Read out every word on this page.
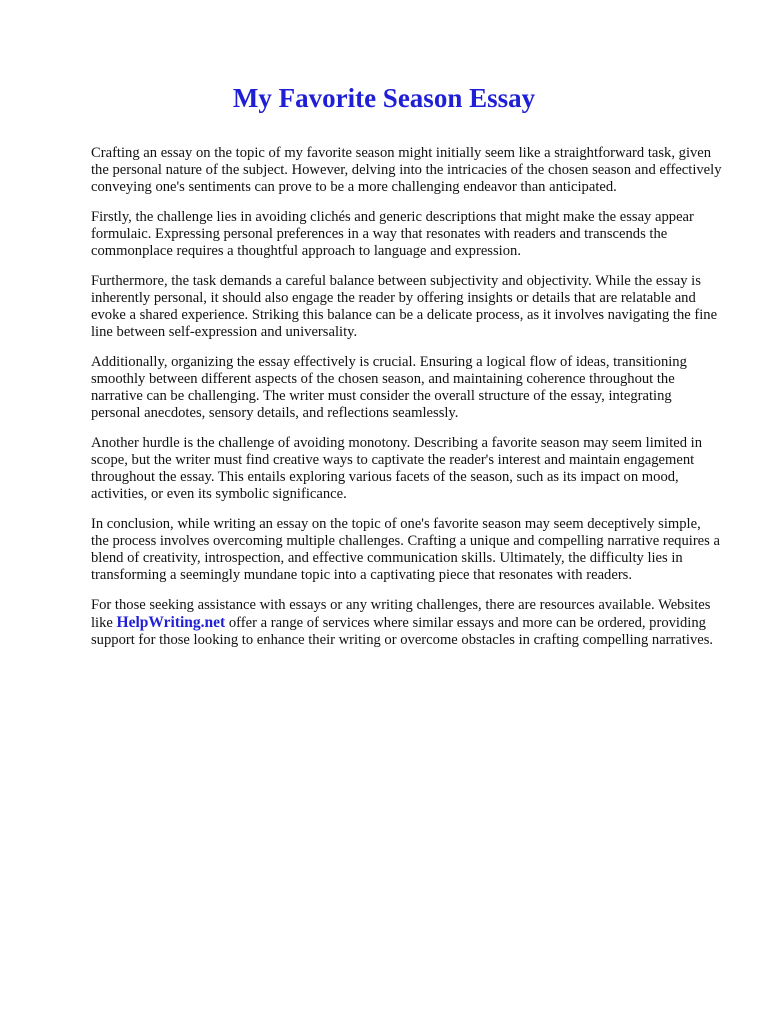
My Favorite Season Essay

Crafting an essay on the topic of my favorite season might initially seem like a straightforward task, given the personal nature of the subject. However, delving into the intricacies of the chosen season and effectively conveying one's sentiments can prove to be a more challenging endeavor than anticipated.

Firstly, the challenge lies in avoiding clichés and generic descriptions that might make the essay appear formulaic. Expressing personal preferences in a way that resonates with readers and transcends the commonplace requires a thoughtful approach to language and expression.

Furthermore, the task demands a careful balance between subjectivity and objectivity. While the essay is inherently personal, it should also engage the reader by offering insights or details that are relatable and evoke a shared experience. Striking this balance can be a delicate process, as it involves navigating the fine line between self-expression and universality.

Additionally, organizing the essay effectively is crucial. Ensuring a logical flow of ideas, transitioning smoothly between different aspects of the chosen season, and maintaining coherence throughout the narrative can be challenging. The writer must consider the overall structure of the essay, integrating personal anecdotes, sensory details, and reflections seamlessly.

Another hurdle is the challenge of avoiding monotony. Describing a favorite season may seem limited in scope, but the writer must find creative ways to captivate the reader's interest and maintain engagement throughout the essay. This entails exploring various facets of the season, such as its impact on mood, activities, or even its symbolic significance.

In conclusion, while writing an essay on the topic of one's favorite season may seem deceptively simple, the process involves overcoming multiple challenges. Crafting a unique and compelling narrative requires a blend of creativity, introspection, and effective communication skills. Ultimately, the difficulty lies in transforming a seemingly mundane topic into a captivating piece that resonates with readers.

For those seeking assistance with essays or any writing challenges, there are resources available. Websites like HelpWriting.net offer a range of services where similar essays and more can be ordered, providing support for those looking to enhance their writing or overcome obstacles in crafting compelling narratives.
